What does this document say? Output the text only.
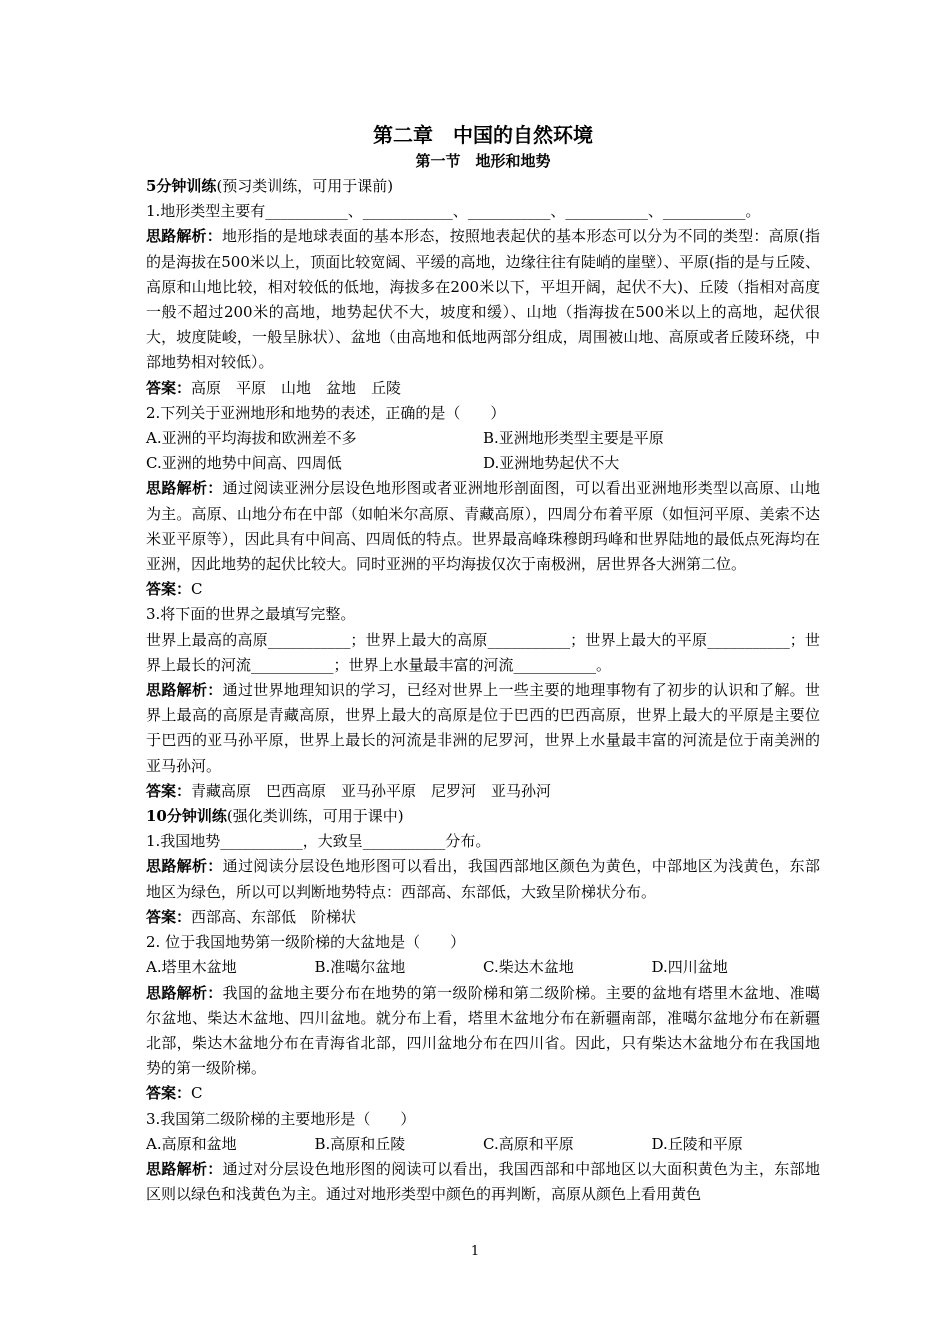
第二章　中国的自然环境
第一节　地形和地势

5分钟训练(预习类训练，可用于课前)

1.地形类型主要有___________、____________、___________、___________、___________。

思路解析：地形指的是地球表面的基本形态，按照地表起伏的基本形态可以分为不同的类型：高原(指的是海拔在500米以上，顶面比较宽阔、平缓的高地，边缘往往有陡峭的崖壁）、平原(指的是与丘陵、高原和山地比较，相对较低的低地，海拔多在200米以下，平坦开阔，起伏不大)、丘陵（指相对高度一般不超过200米的高地，地势起伏不大，坡度和缓）、山地（指海拔在500米以上的高地，起伏很大，坡度陡峻，一般呈脉状）、盆地（由高地和低地两部分组成，周围被山地、高原或者丘陵环绕，中部地势相对较低）。

答案：高原　平原　山地　盆地　丘陵

2.下列关于亚洲地形和地势的表述，正确的是（　　）

A.亚洲的平均海拔和欧洲差不多	B.亚洲地形类型主要是平原
C.亚洲的地势中间高、四周低	D.亚洲地势起伏不大

思路解析：通过阅读亚洲分层设色地形图或者亚洲地形剖面图，可以看出亚洲地形类型以高原、山地为主。高原、山地分布在中部（如帕米尔高原、青藏高原），四周分布着平原（如恒河平原、美索不达米亚平原等），因此具有中间高、四周低的特点。世界最高峰珠穆朗玛峰和世界陆地的最低点死海均在亚洲，因此地势的起伏比较大。同时亚洲的平均海拔仅次于南极洲，居世界各大洲第二位。

答案：C

3.将下面的世界之最填写完整。

世界上最高的高原___________；世界上最大的高原___________；世界上最大的平原___________；世界上最长的河流___________；世界上水量最丰富的河流___________。

思路解析：通过世界地理知识的学习，已经对世界上一些主要的地理事物有了初步的认识和了解。世界上最高的高原是青藏高原，世界上最大的高原是位于巴西的巴西高原，世界上最大的平原是主要位于巴西的亚马孙平原，世界上最长的河流是非洲的尼罗河，世界上水量最丰富的河流是位于南美洲的亚马孙河。

答案：青藏高原　巴西高原　亚马孙平原　尼罗河　亚马孙河

10分钟训练(强化类训练，可用于课中)

1.我国地势___________，大致呈___________分布。

思路解析：通过阅读分层设色地形图可以看出，我国西部地区颜色为黄色，中部地区为浅黄色，东部地区为绿色，所以可以判断地势特点：西部高、东部低，大致呈阶梯状分布。

答案：西部高、东部低　阶梯状

2. 位于我国地势第一级阶梯的大盆地是（　　）

A.塔里木盆地	B.准噶尔盆地	C.柴达木盆地	D.四川盆地

思路解析：我国的盆地主要分布在地势的第一级阶梯和第二级阶梯。主要的盆地有塔里木盆地、准噶尔盆地、柴达木盆地、四川盆地。就分布上看，塔里木盆地分布在新疆南部，准噶尔盆地分布在新疆北部，柴达木盆地分布在青海省北部，四川盆地分布在四川省。因此，只有柴达木盆地分布在我国地势的第一级阶梯。

答案：C

3.我国第二级阶梯的主要地形是（　　）

A.高原和盆地	B.高原和丘陵	C.高原和平原	D.丘陵和平原

思路解析：通过对分层设色地形图的阅读可以看出，我国西部和中部地区以大面积黄色为主，东部地区则以绿色和浅黄色为主。通过对地形类型中颜色的再判断，高原从颜色上看用黄色

1
